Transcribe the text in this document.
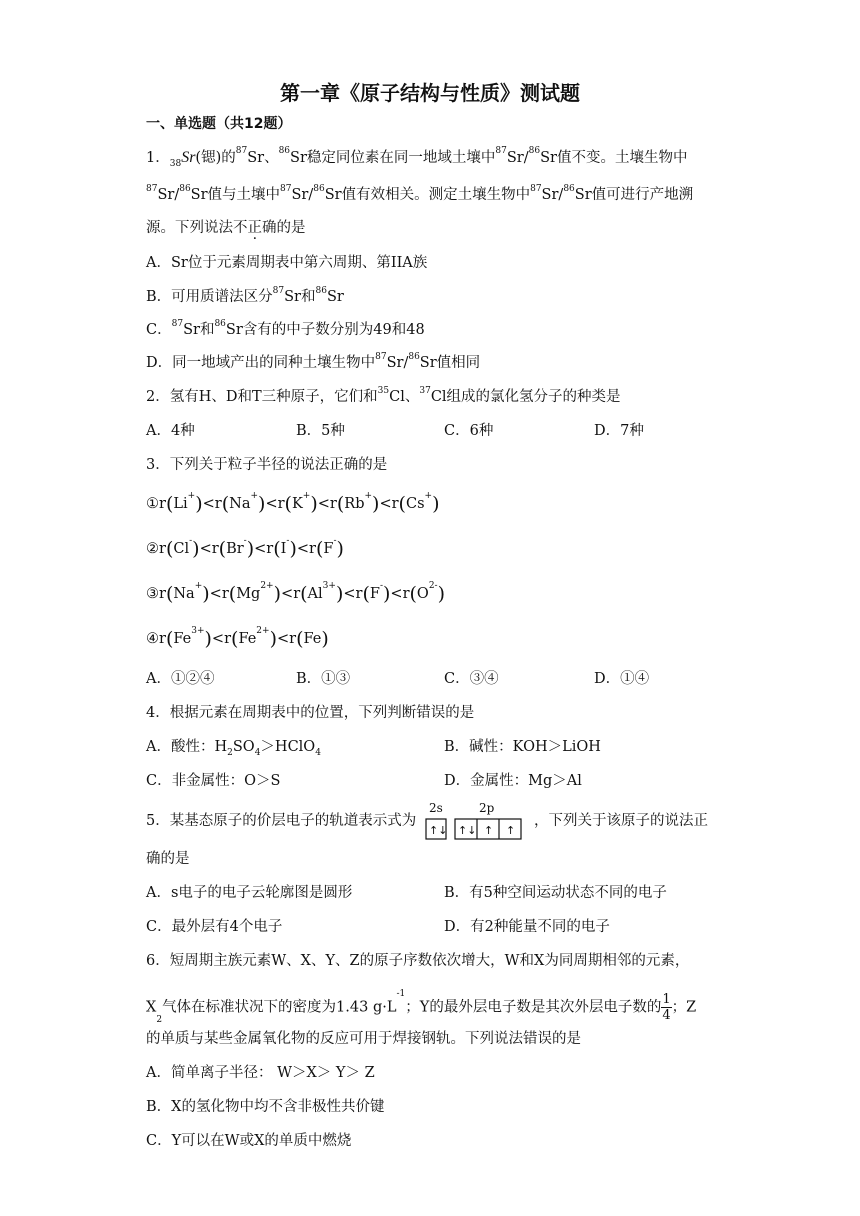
第一章《原子结构与性质》测试题
一、单选题（共12题）
1．$_{38}$Sr(锶)的$^{87}$Sr、$^{86}$Sr稳定同位素在同一地域土壤中$^{87}$Sr/$^{86}$Sr值不变。土壤生物中
$^{87}$Sr/$^{86}$Sr值与土壤中$^{87}$Sr/$^{86}$Sr值有效相关。测定土壤生物中$^{87}$Sr/$^{86}$Sr值可进行产地溯
源。下列说法不正确的是
A．Sr位于元素周期表中第六周期、第IIA族
B．可用质谱法区分$^{87}$Sr和$^{86}$Sr
C．$^{87}$Sr和$^{86}$Sr含有的中子数分别为49和48
D．同一地域产出的同种土壤生物中$^{87}$Sr/$^{86}$Sr值相同
2．氢有H、D和T三种原子，它们和$^{35}$Cl、$^{37}$Cl组成的氯化氢分子的种类是
A．4种	B．5种	C．6种	D．7种
3．下列关于粒子半径的说法正确的是
①r(Li+)<r(Na+)<r(K+)<r(Rb+)<r(Cs+)
②r(Cl-)<r(Br-)<r(I-)<r(F-)
$③r(Na^+)<r(Mg^{2+})<r(Al^{3+})<r(F^-)<r(O^{2-})$
$④r(Fe^{3+})<r(Fe^{2+})<r(Fe)$
A．①②④	B．①③	C．③④	D．①④
4．根据元素在周期表中的位置，下列判断错误的是
A．酸性：$H_2SO_4>HClO_4$	B．碱性：KOH＞LiOH
C．非金属性：O＞S	D．金属性：Mg＞Al
5．某基态原子的价层电子的轨道表示式为
2s	2p
↑↓ ↑↓ ↑ ↑
，下列关于该原子的说法正
确的是
A．s电子的电子云轮廓图是圆形	B．有5种空间运动状态不同的电子
C．最外层有4个电子	D．有2种能量不同的电子
6．短周期主族元素W、X、Y、Z的原子序数依次增大，W和X为同周期相邻的元素，
$X_2$气体在标准状况下的密度为1.43 $g\cdot L^{-1}$；Y的最外层电子数是其次外层电子数的 $\frac{1}{4}$ ；Z
的单质与某些金属氧化物的反应可用于焊接钢轨。下列说法错误的是
A．简单离子半径： W＞X＞ Y＞ Z
B．X的氢化物中均不含非极性共价键
C．Y可以在W或X的单质中燃烧
